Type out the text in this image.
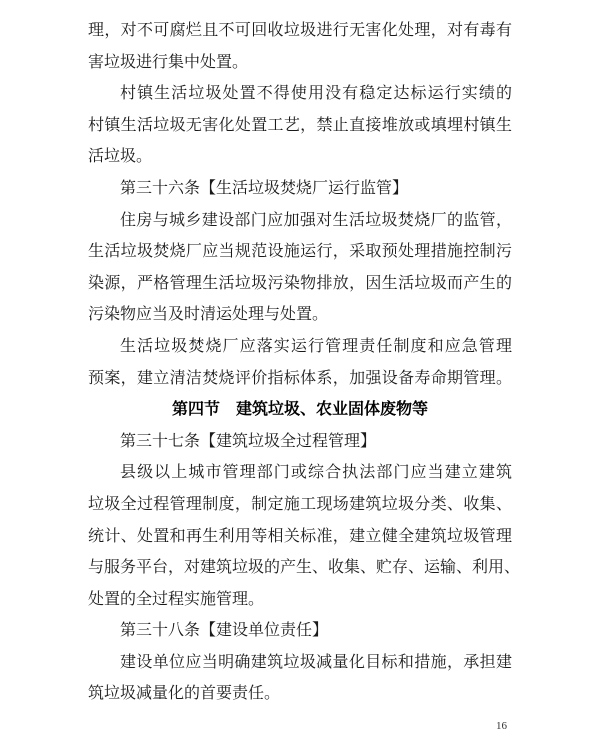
理，对不可腐烂且不可回收垃圾进行无害化处理，对有毒有
害垃圾进行集中处置。
村镇生活垃圾处置不得使用没有稳定达标运行实绩的
村镇生活垃圾无害化处置工艺，禁止直接堆放或填埋村镇生
活垃圾。
第三十六条【生活垃圾焚烧厂运行监管】
住房与城乡建设部门应加强对生活垃圾焚烧厂的监管，
生活垃圾焚烧厂应当规范设施运行，采取预处理措施控制污
染源，严格管理生活垃圾污染物排放，因生活垃圾而产生的
污染物应当及时清运处理与处置。
生活垃圾焚烧厂应落实运行管理责任制度和应急管理
预案，建立清洁焚烧评价指标体系，加强设备寿命期管理。
第四节　建筑垃圾、农业固体废物等
第三十七条【建筑垃圾全过程管理】
县级以上城市管理部门或综合执法部门应当建立建筑
垃圾全过程管理制度，制定施工现场建筑垃圾分类、收集、
统计、处置和再生利用等相关标准，建立健全建筑垃圾管理
与服务平台，对建筑垃圾的产生、收集、贮存、运输、利用、
处置的全过程实施管理。
第三十八条【建设单位责任】
建设单位应当明确建筑垃圾减量化目标和措施，承担建
筑垃圾减量化的首要责任。
16
